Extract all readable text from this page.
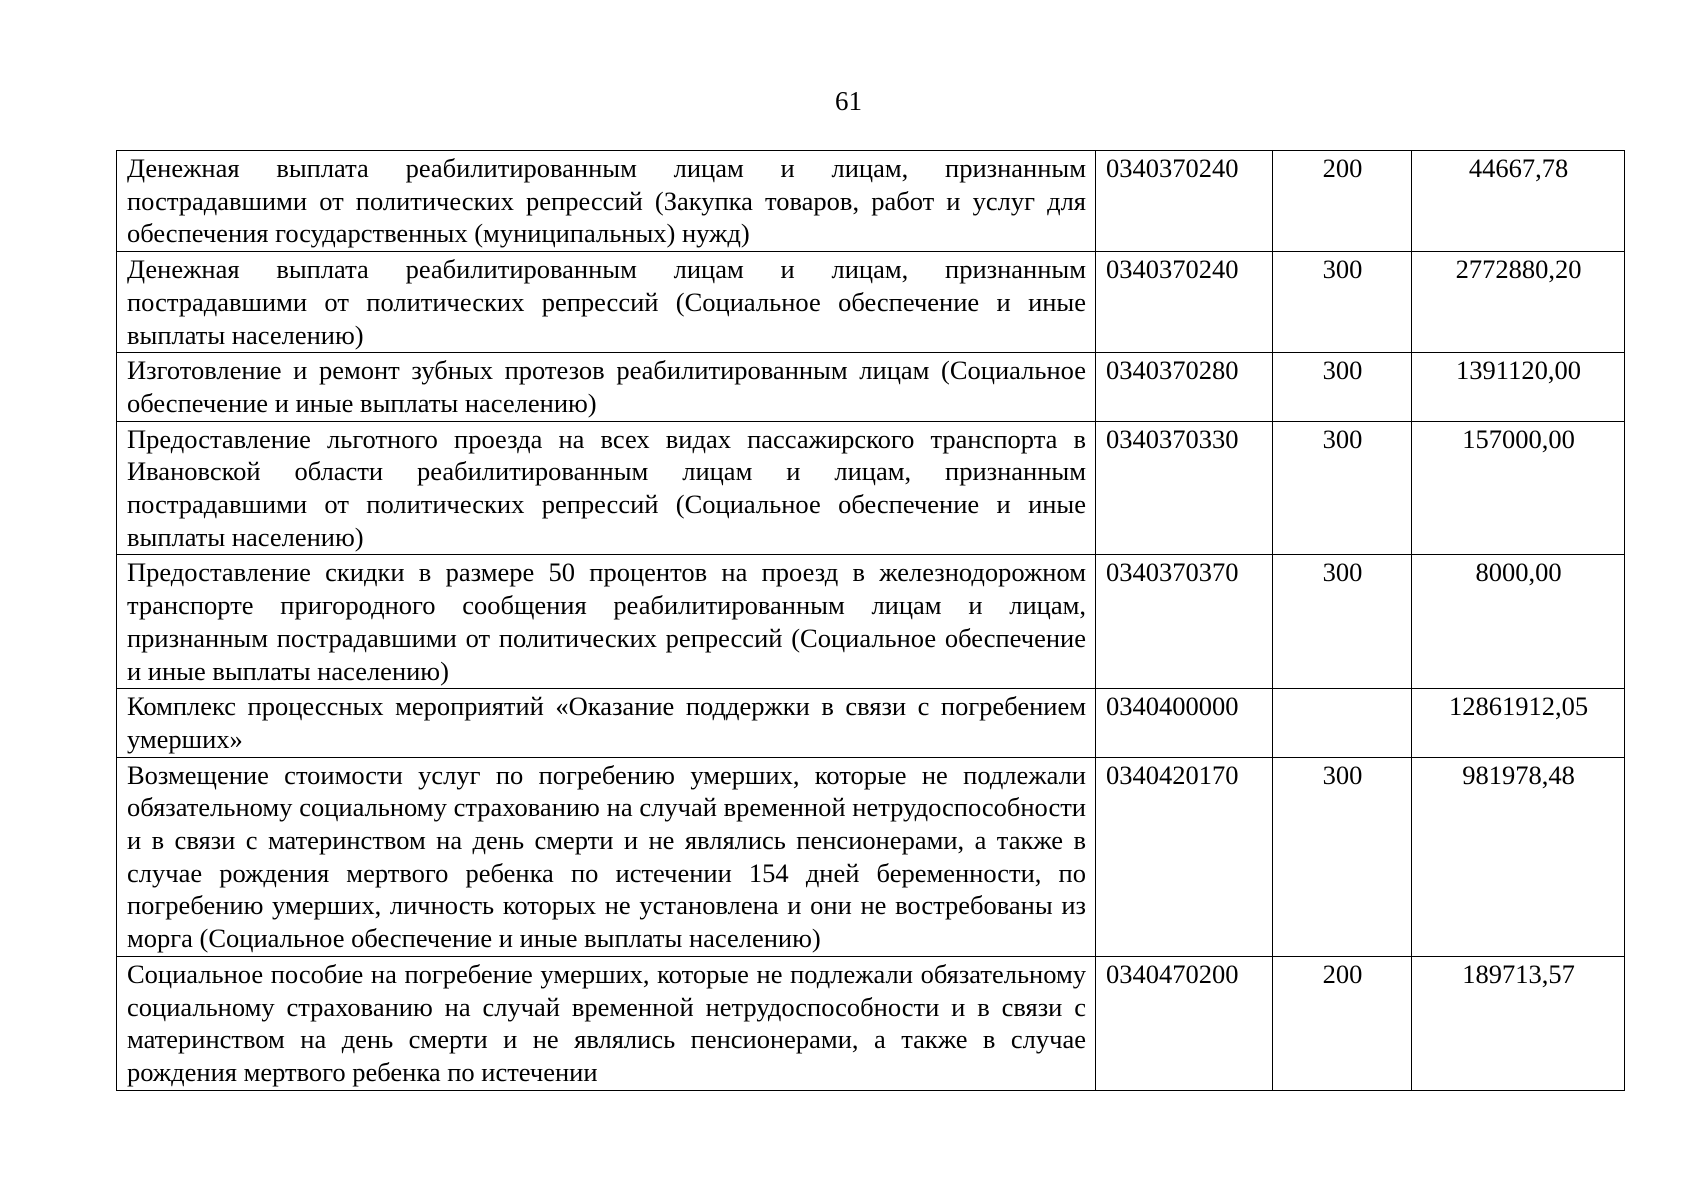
61
Денежная выплата реабилитированным лицам и лицам, признанным пострадавшими от политических репрессий (Закупка товаров, работ и услуг для обеспечения государственных (муниципальных) нужд)	0340370240	200	44667,78
Денежная выплата реабилитированным лицам и лицам, признанным пострадавшими от политических репрессий (Социальное обеспечение и иные выплаты населению)	0340370240	300	2772880,20
Изготовление и ремонт зубных протезов реабилитированным лицам (Социальное обеспечение и иные выплаты населению)	0340370280	300	1391120,00
Предоставление льготного проезда на всех видах пассажирского транспорта в Ивановской области реабилитированным лицам и лицам, признанным пострадавшими от политических репрессий (Социальное обеспечение и иные выплаты населению)	0340370330	300	157000,00
Предоставление скидки в размере 50 процентов на проезд в железнодорожном транспорте пригородного сообщения реабилитированным лицам и лицам, признанным пострадавшими от политических репрессий (Социальное обеспечение и иные выплаты населению)	0340370370	300	8000,00
Комплекс процессных мероприятий «Оказание поддержки в связи с погребением умерших»	0340400000		12861912,05
Возмещение стоимости услуг по погребению умерших, которые не подлежали обязательному социальному страхованию на случай временной нетрудоспособности и в связи с материнством на день смерти и не являлись пенсионерами, а также в случае рождения мертвого ребенка по истечении 154 дней беременности, по погребению умерших, личность которых не установлена и они не востребованы из морга (Социальное обеспечение и иные выплаты населению)	0340420170	300	981978,48
Социальное пособие на погребение умерших, которые не подлежали обязательному социальному страхованию на случай временной нетрудоспособности и в связи с материнством на день смерти и не являлись пенсионерами, а также в случае рождения мертвого ребенка по истечении	0340470200	200	189713,57
